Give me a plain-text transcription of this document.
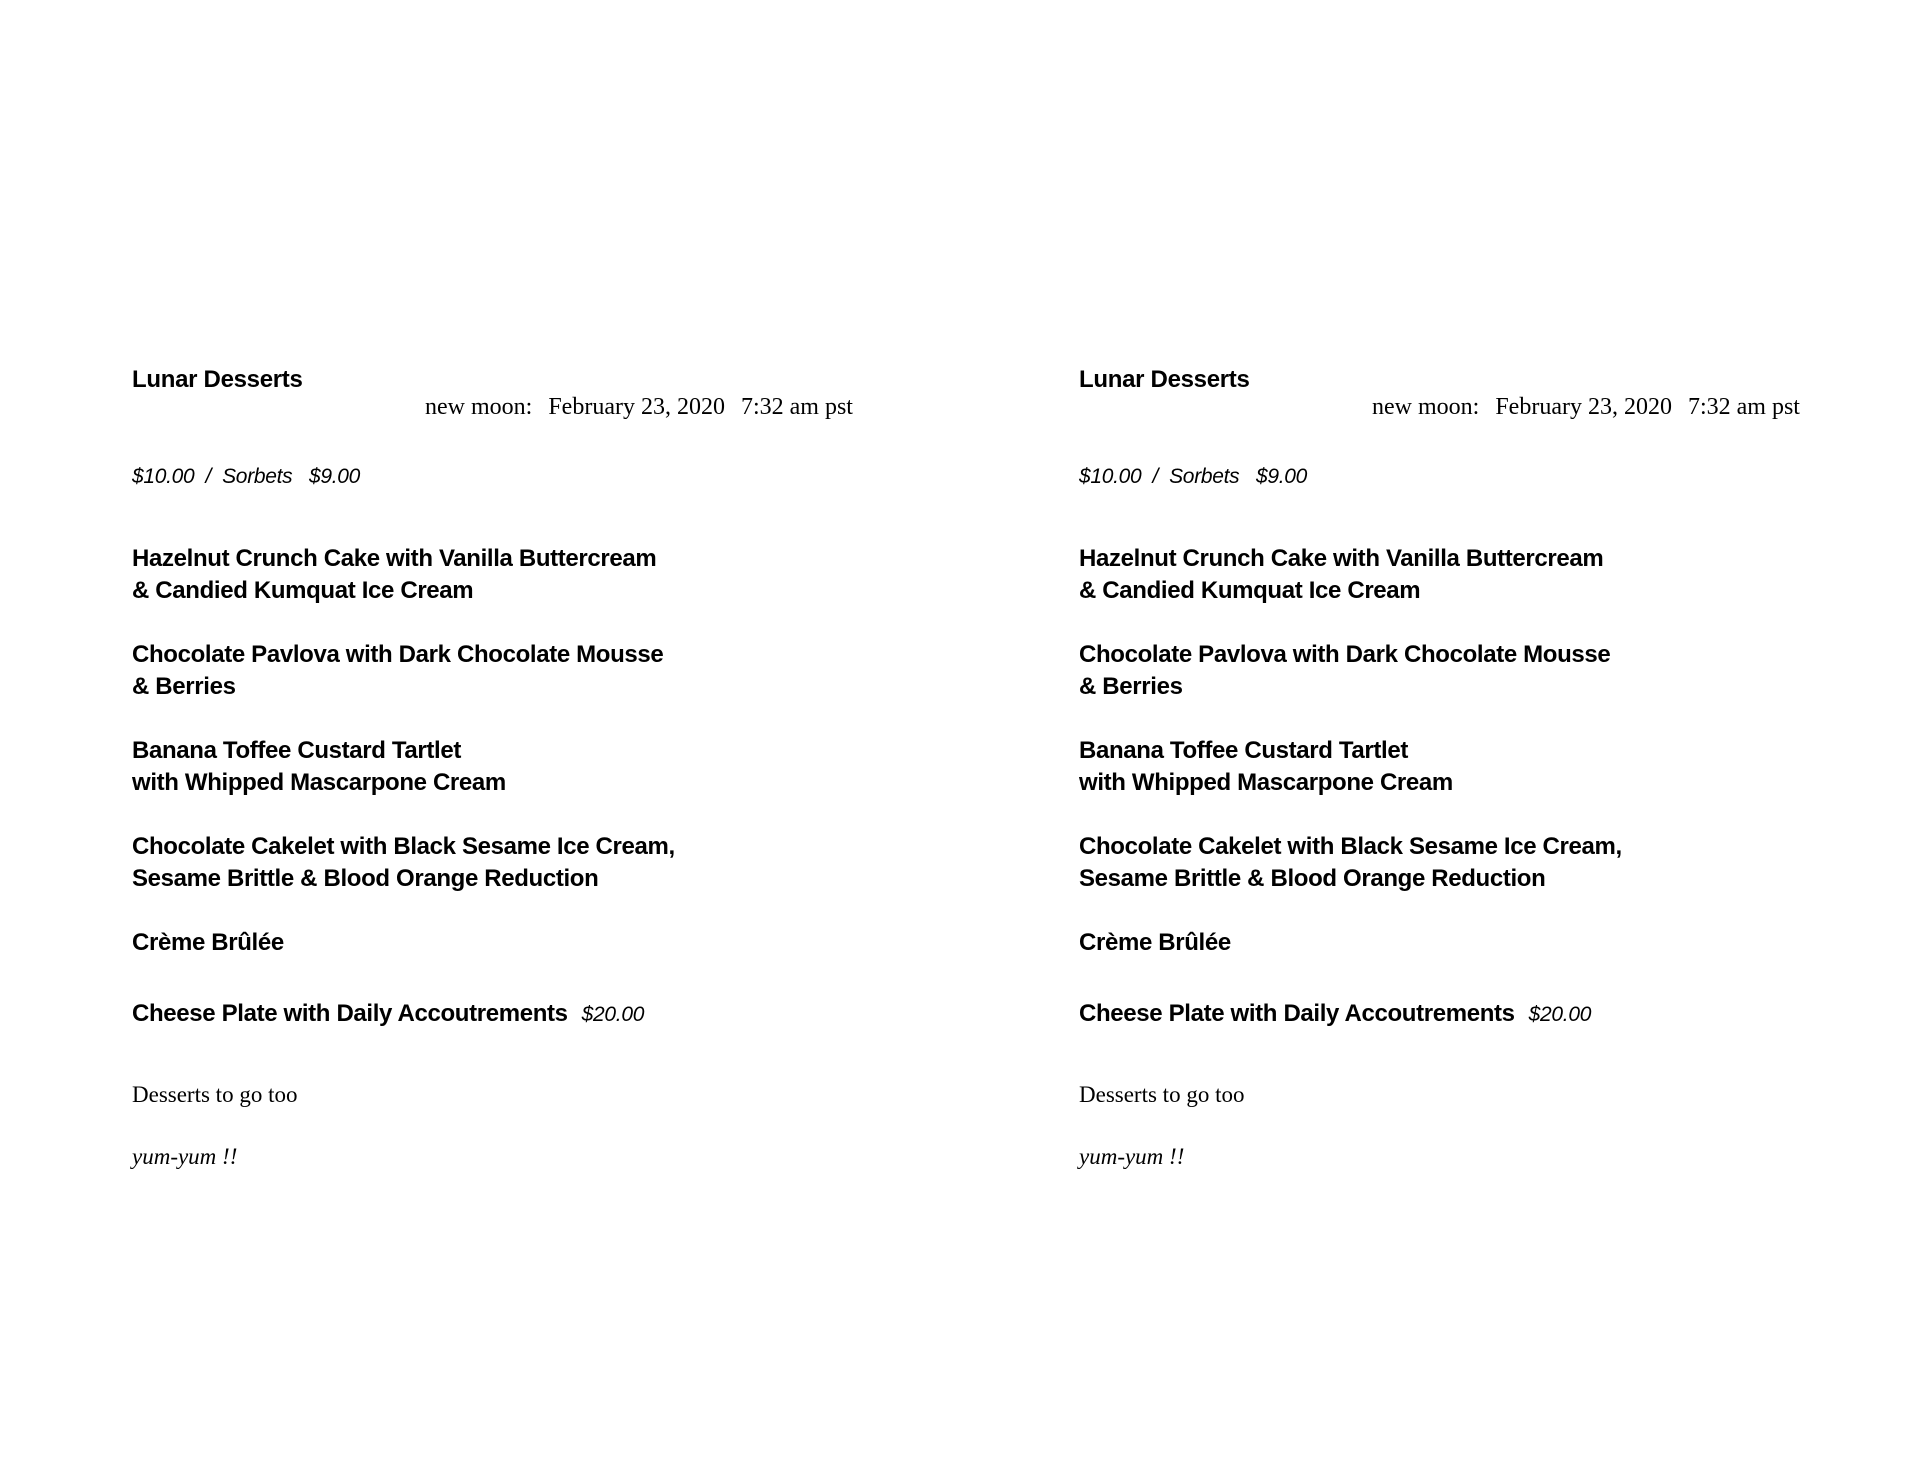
Lunar Desserts
new moon: February 23, 2020 7:32 am pst
$10.00  /  Sorbets   $9.00
Hazelnut Crunch Cake with Vanilla Buttercream
& Candied Kumquat Ice Cream
Chocolate Pavlova with Dark Chocolate Mousse
& Berries
Banana Toffee Custard Tartlet
with Whipped Mascarpone Cream
Chocolate Cakelet with Black Sesame Ice Cream,
Sesame Brittle & Blood Orange Reduction
Crème Brûlée
Cheese Plate with Daily Accoutrements $20.00
Desserts to go too
yum-yum !!
Lunar Desserts
new moon: February 23, 2020 7:32 am pst
$10.00  /  Sorbets   $9.00
Hazelnut Crunch Cake with Vanilla Buttercream
& Candied Kumquat Ice Cream
Chocolate Pavlova with Dark Chocolate Mousse
& Berries
Banana Toffee Custard Tartlet
with Whipped Mascarpone Cream
Chocolate Cakelet with Black Sesame Ice Cream,
Sesame Brittle & Blood Orange Reduction
Crème Brûlée
Cheese Plate with Daily Accoutrements $20.00
Desserts to go too
yum-yum !!
